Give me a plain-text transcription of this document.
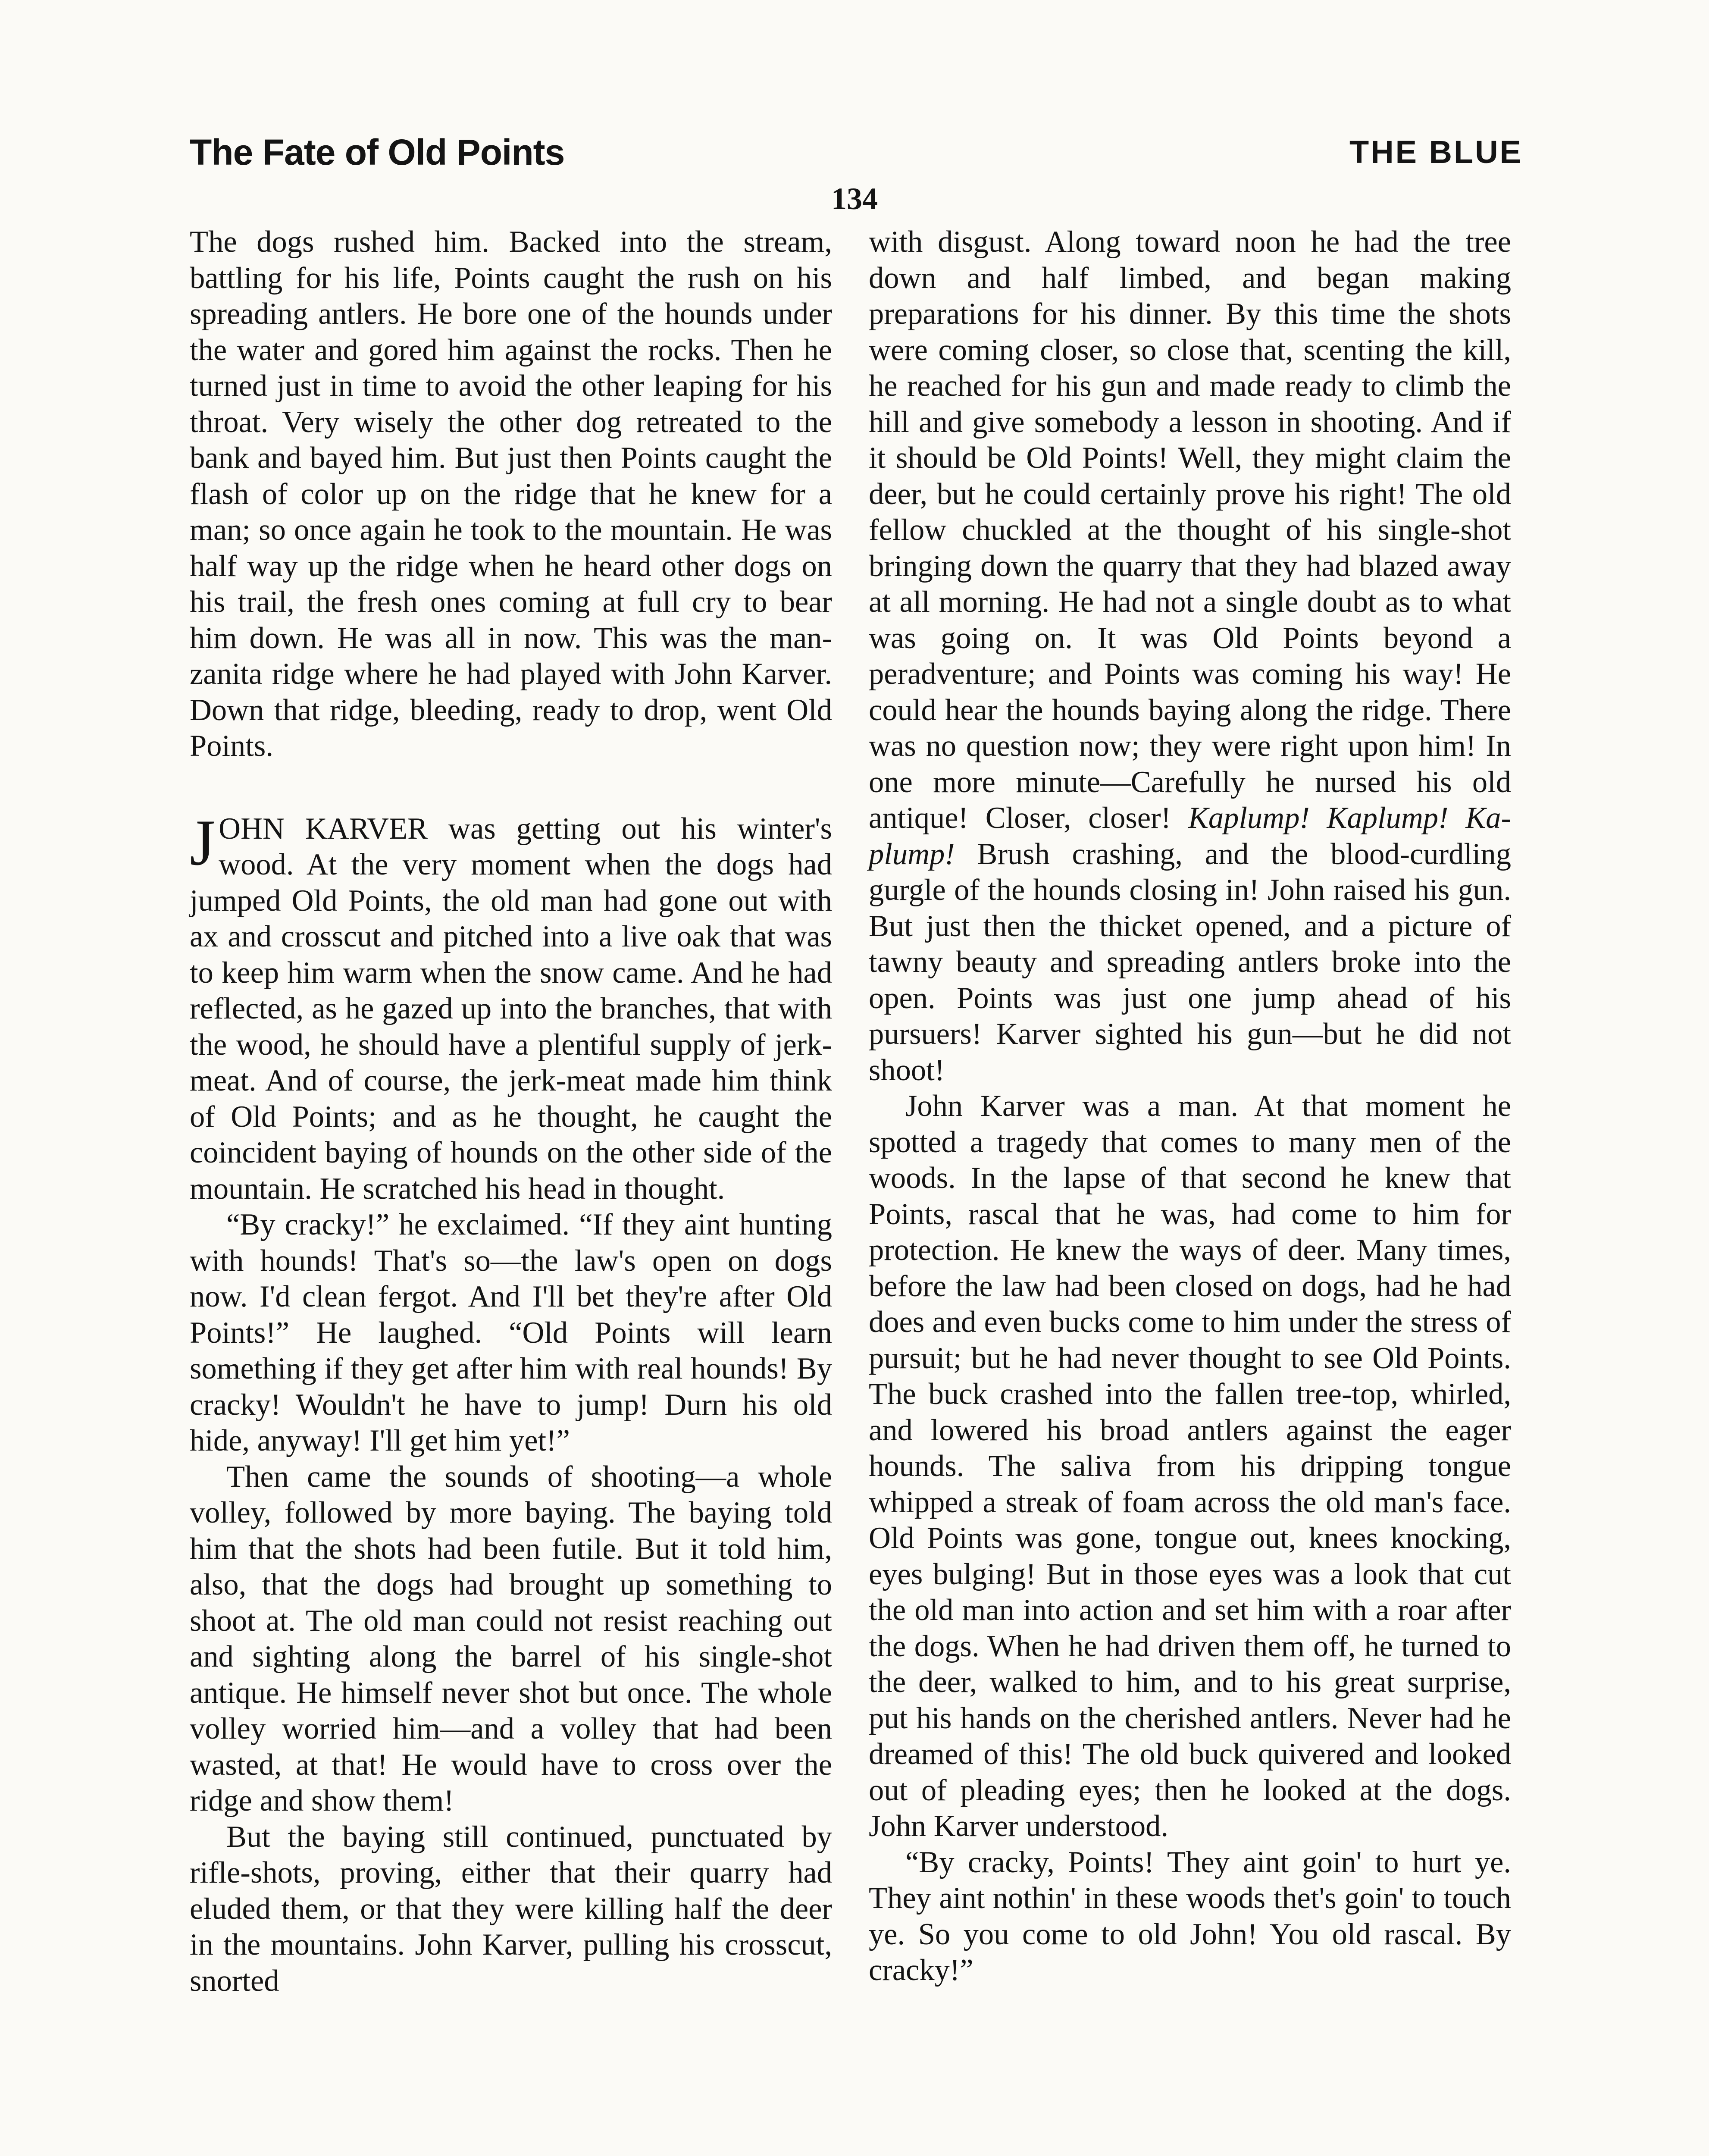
The Fate of Old Points	THE BLUE
134

The dogs rushed him. Backed into the stream, battling for his life, Points caught the rush on his spreading antlers. He bore one of the hounds under the water and gored him against the rocks. Then he turned just in time to avoid the other leaping for his throat. Very wisely the other dog retreated to the bank and bayed him. But just then Points caught the flash of color up on the ridge that he knew for a man; so once again he took to the mountain. He was half way up the ridge when he heard other dogs on his trail, the fresh ones coming at full cry to bear him down. He was all in now. This was the manzanita ridge where he had played with John Karver. Down that ridge, bleeding, ready to drop, went Old Points.

JOHN KARVER was getting out his winter's wood. At the very moment when the dogs had jumped Old Points, the old man had gone out with ax and crosscut and pitched into a live oak that was to keep him warm when the snow came. And he had reflected, as he gazed up into the branches, that with the wood, he should have a plentiful supply of jerk-meat. And of course, the jerk-meat made him think of Old Points; and as he thought, he caught the coincident baying of hounds on the other side of the mountain. He scratched his head in thought.

“By cracky!” he exclaimed. “If they aint hunting with hounds! That's so—the law's open on dogs now. I'd clean fergot. And I'll bet they're after Old Points!” He laughed. “Old Points will learn something if they get after him with real hounds! By cracky! Wouldn't he have to jump! Durn his old hide, anyway! I'll get him yet!”

Then came the sounds of shooting—a whole volley, followed by more baying. The baying told him that the shots had been futile. But it told him, also, that the dogs had brought up something to shoot at. The old man could not resist reaching out and sighting along the barrel of his single-shot antique. He himself never shot but once. The whole volley worried him—and a volley that had been wasted, at that! He would have to cross over the ridge and show them!

But the baying still continued, punctuated by rifle-shots, proving, either that their quarry had eluded them, or that they were killing half the deer in the mountains. John Karver, pulling his crosscut, snorted

with disgust. Along toward noon he had the tree down and half limbed, and began making preparations for his dinner. By this time the shots were coming closer, so close that, scenting the kill, he reached for his gun and made ready to climb the hill and give somebody a lesson in shooting. And if it should be Old Points! Well, they might claim the deer, but he could certainly prove his right! The old fellow chuckled at the thought of his single-shot bringing down the quarry that they had blazed away at all morning. He had not a single doubt as to what was going on. It was Old Points beyond a peradventure; and Points was coming his way! He could hear the hounds baying along the ridge. There was no question now; they were right upon him! In one more minute—Carefully he nursed his old antique! Closer, closer! Kaplump! Kaplump! Kaplump! Brush crashing, and the blood-curdling gurgle of the hounds closing in! John raised his gun. But just then the thicket opened, and a picture of tawny beauty and spreading antlers broke into the open. Points was just one jump ahead of his pursuers! Karver sighted his gun—but he did not shoot!

John Karver was a man. At that moment he spotted a tragedy that comes to many men of the woods. In the lapse of that second he knew that Points, rascal that he was, had come to him for protection. He knew the ways of deer. Many times, before the law had been closed on dogs, had he had does and even bucks come to him under the stress of pursuit; but he had never thought to see Old Points. The buck crashed into the fallen tree-top, whirled, and lowered his broad antlers against the eager hounds. The saliva from his dripping tongue whipped a streak of foam across the old man's face. Old Points was gone, tongue out, knees knocking, eyes bulging! But in those eyes was a look that cut the old man into action and set him with a roar after the dogs. When he had driven them off, he turned to the deer, walked to him, and to his great surprise, put his hands on the cherished antlers. Never had he dreamed of this! The old buck quivered and looked out of pleading eyes; then he looked at the dogs. John Karver understood.

“By cracky, Points! They aint goin' to hurt ye. They aint nothin' in these woods thet's goin' to touch ye. So you come to old John! You old rascal. By cracky!”
